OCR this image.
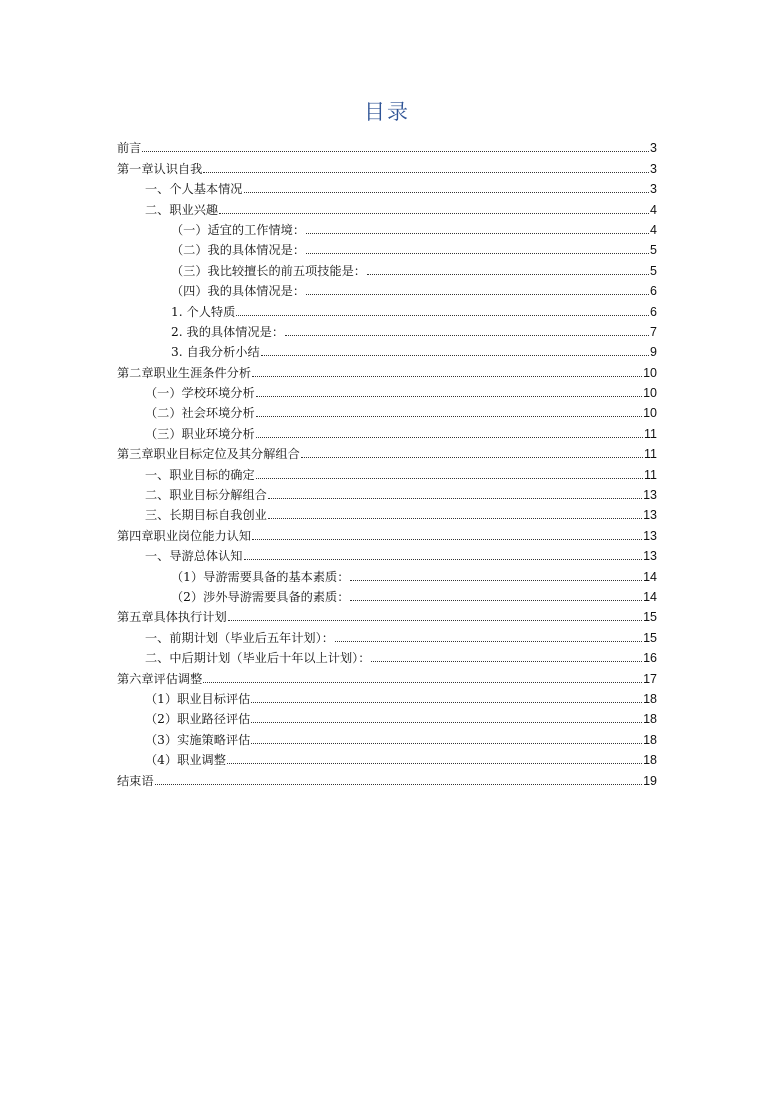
目录
前言	3
第一章认识自我	3
一、个人基本情况	3
二、职业兴趣	4
（一）适宜的工作情境：	4
（二）我的具体情况是：	5
（三）我比较擅长的前五项技能是：	5
（四）我的具体情况是：	6
1. 个人特质	6
2. 我的具体情况是：	7
3. 自我分析小结	9
第二章职业生涯条件分析	10
（一）学校环境分析	10
（二）社会环境分析	10
（三）职业环境分析	11
第三章职业目标定位及其分解组合	11
一、职业目标的确定	11
二、职业目标分解组合	13
三、长期目标自我创业	13
第四章职业岗位能力认知	13
一、导游总体认知	13
（1）导游需要具备的基本素质：	14
（2）涉外导游需要具备的素质：	14
第五章具体执行计划	15
一、前期计划（毕业后五年计划）：	15
二、中后期计划（毕业后十年以上计划）：	16
第六章评估调整	17
（1）职业目标评估	18
（2）职业路径评估	18
（3）实施策略评估	18
（4）职业调整	18
结束语	19
